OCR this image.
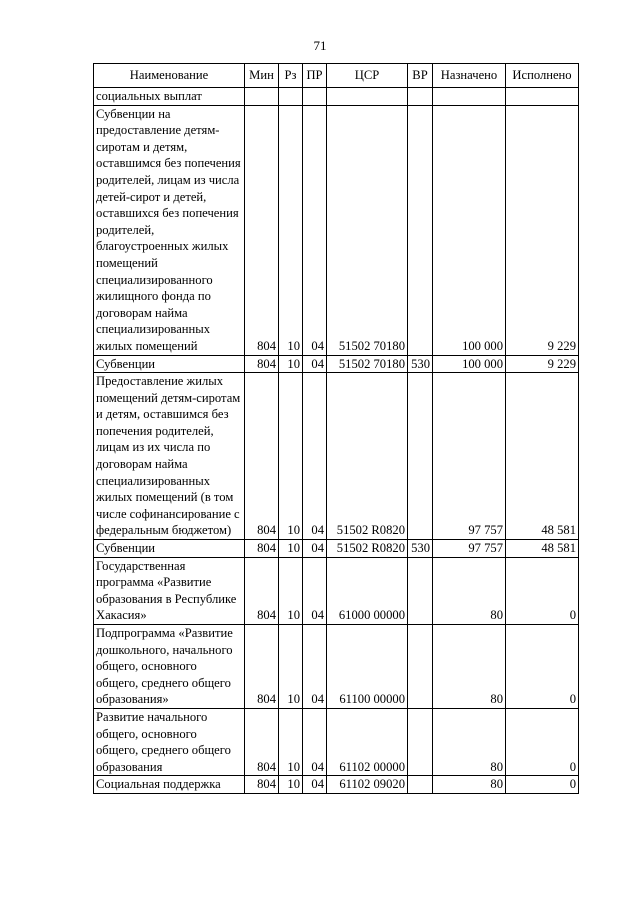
71
Наименование	Мин	Рз	ПР	ЦСР	ВР	Назначено	Исполнено
социальных выплат							
Субвенции на предоставление детям-сиротам и детям, оставшимся без попечения родителей, лицам из числа детей-сирот и детей, оставшихся без попечения родителей, благоустроенных жилых помещений специализированного жилищного фонда по договорам найма специализированных жилых помещений	804	10	04	51502 70180		100 000	9 229
Субвенции	804	10	04	51502 70180	530	100 000	9 229
Предоставление жилых помещений детям-сиротам и детям, оставшимся без попечения родителей, лицам из их числа по договорам найма специализированных жилых помещений (в том числе софинансирование с федеральным бюджетом)	804	10	04	51502 R0820		97 757	48 581
Субвенции	804	10	04	51502 R0820	530	97 757	48 581
Государственная программа «Развитие образования в Республике Хакасия»	804	10	04	61000 00000		80	0
Подпрограмма «Развитие дошкольного, начального общего, основного общего, среднего общего образования»	804	10	04	61100 00000		80	0
Развитие начального общего, основного общего, среднего общего образования	804	10	04	61102 00000		80	0
Социальная поддержка	804	10	04	61102 09020		80	0
